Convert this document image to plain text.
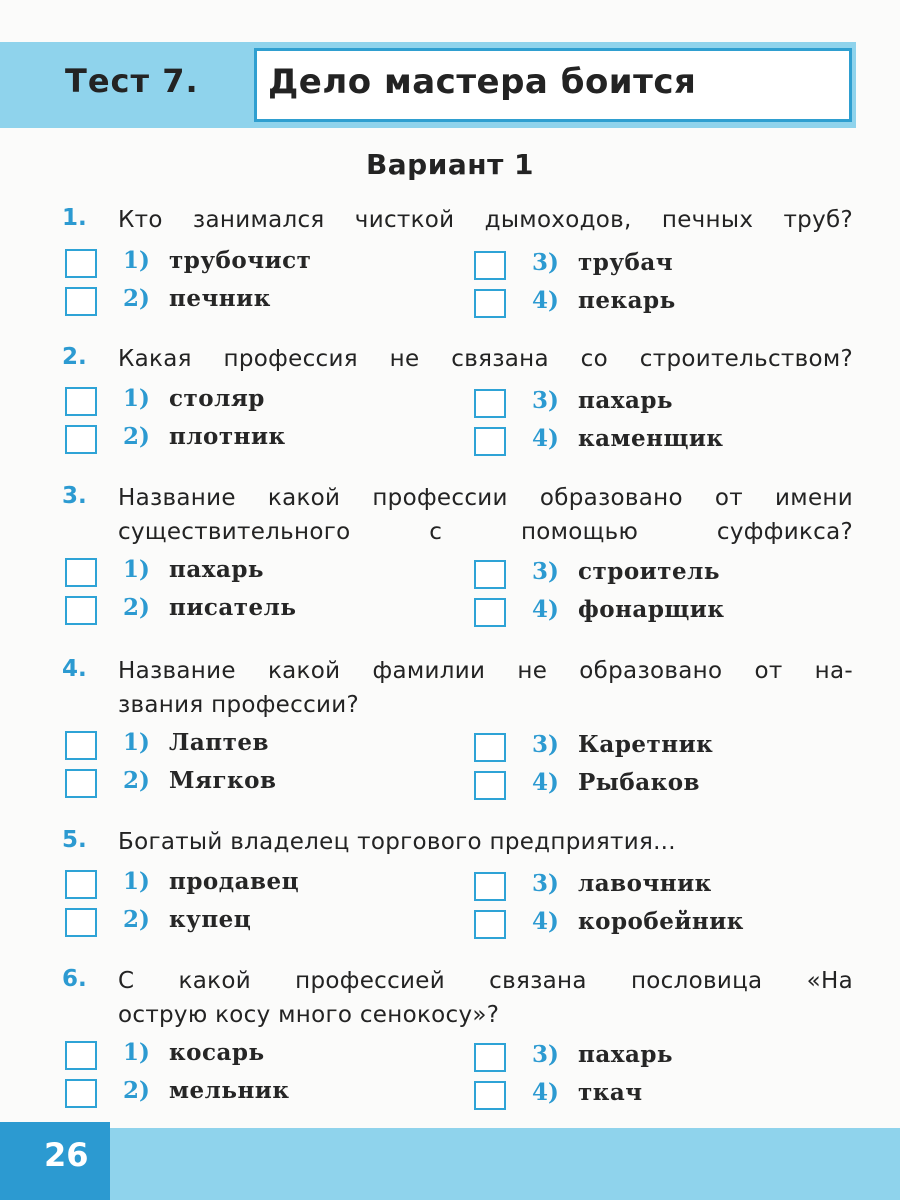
Тест 7. Дело мастера боится
Вариант 1
1. Кто занимался чисткой дымоходов, печных труб?
1) трубочист
2) печник
3) трубач
4) пекарь
2. Какая профессия не связана со строительством?
1) столяр
2) плотник
3) пахарь
4) каменщик
3. Название какой профессии образовано от имени
существительного с помощью суффикса?
1) пахарь
2) писатель
3) строитель
4) фонарщик
4. Название какой фамилии не образовано от на-
звания профессии?
1) Лаптев
2) Мягков
3) Каретник
4) Рыбаков
5. Богатый владелец торгового предприятия...
1) продавец
2) купец
3) лавочник
4) коробейник
6. С какой профессией связана пословица «На
острую косу много сенокосу»?
1) косарь
2) мельник
3) пахарь
4) ткач
26
